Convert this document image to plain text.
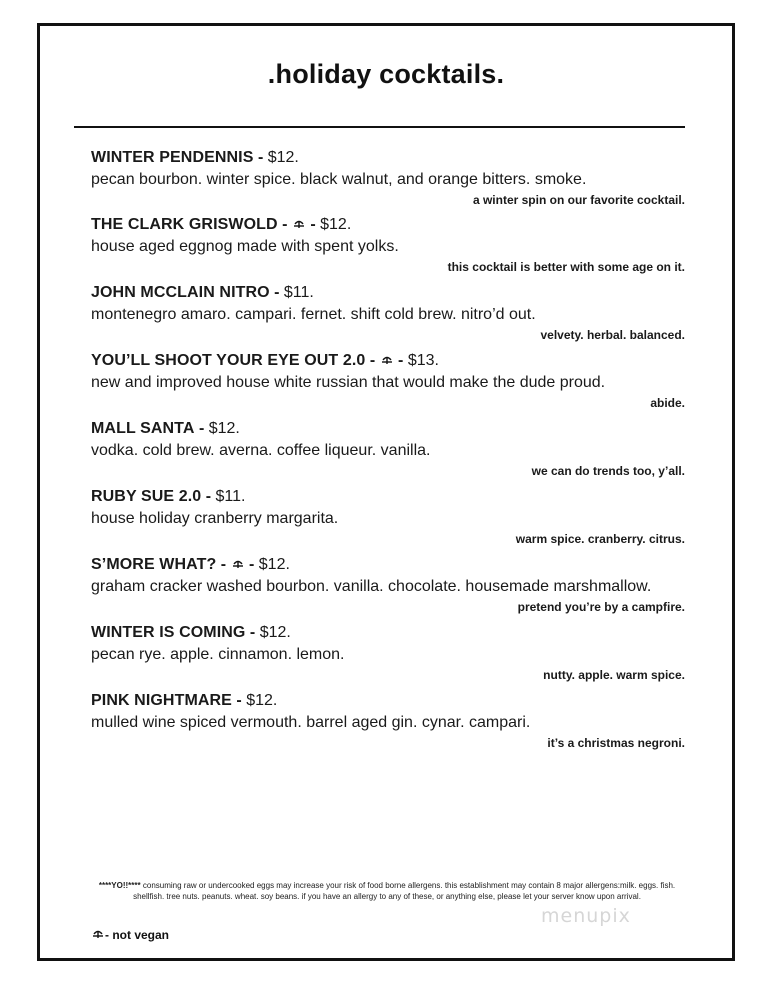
.holiday cocktails.
WINTER PENDENNIS - $12.
pecan bourbon. winter spice. black walnut, and orange bitters. smoke.
a winter spin on our favorite cocktail.
THE CLARK GRISWOLD -
- $12.
house aged eggnog made with spent yolks.
this cocktail is better with some age on it.
JOHN MCCLAIN NITRO - $11.
montenegro amaro. campari. fernet. shift cold brew. nitro’d out.
velvety. herbal. balanced.
YOU’LL SHOOT YOUR EYE OUT 2.0 -
- $13.
new and improved house white russian that would make the dude proud.
abide.
MALL SANTA - $12.
vodka. cold brew. averna. coffee liqueur. vanilla.
we can do trends too, y’all.
RUBY SUE 2.0 - $11.
house holiday cranberry margarita.
warm spice. cranberry. citrus.
S’MORE WHAT? -
- $12.
graham cracker washed bourbon. vanilla. chocolate. housemade marshmallow.
pretend you’re by a campfire.
WINTER IS COMING - $12.
pecan rye. apple. cinnamon. lemon.
nutty. apple. warm spice.
PINK NIGHTMARE - $12.
mulled wine spiced vermouth. barrel aged gin. cynar. campari.
it’s a christmas negroni.
****YO!!**** consuming raw or undercooked eggs may increase your risk of food borne allergens. this establishment may contain 8 major allergens:milk. eggs. fish. shellfish. tree nuts. peanuts. wheat. soy beans. if you have an allergy to any of these, or anything else, please let your server know upon arrival.
menupix
- not vegan
